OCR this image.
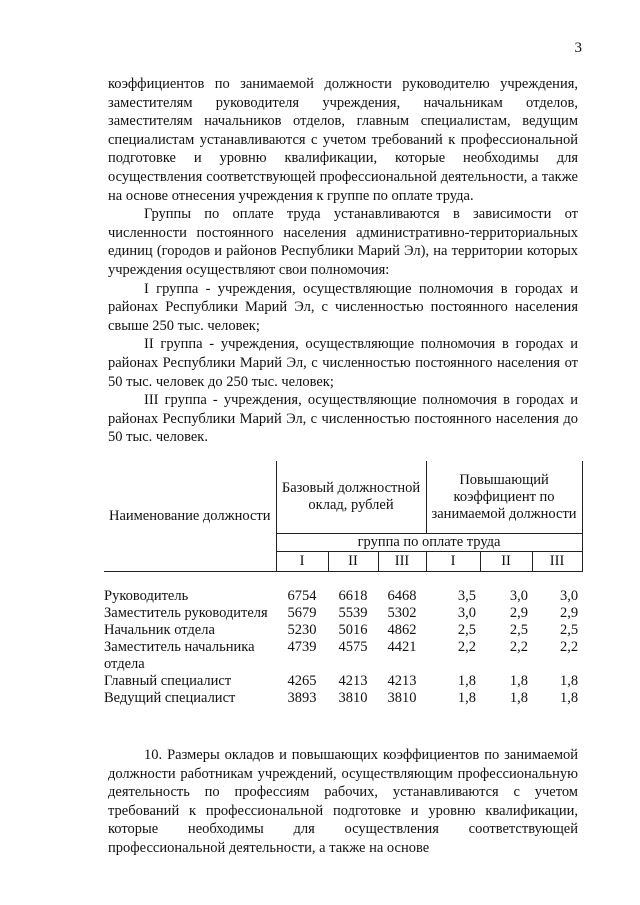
3

коэффициентов по занимаемой должности руководителю учреждения, заместителям руководителя учреждения, начальникам отделов, заместителям начальников отделов, главным специалистам, ведущим специалистам устанавливаются с учетом требований к профессиональной подготовке и уровню квалификации, которые необходимы для осуществления соответствующей профессиональной деятельности, а также на основе отнесения учреждения к группе по оплате труда.

Группы по оплате труда устанавливаются в зависимости от численности постоянного населения административно-территориальных единиц (городов и районов Республики Марий Эл), на территории которых учреждения осуществляют свои полномочия:

I группа - учреждения, осуществляющие полномочия в городах и районах Республики Марий Эл, с численностью постоянного населения свыше 250 тыс. человек;

II группа - учреждения, осуществляющие полномочия в городах и районах Республики Марий Эл, с численностью постоянного населения от 50 тыс. человек до 250 тыс. человек;

III группа - учреждения, осуществляющие полномочия в городах и районах Республики Марий Эл, с численностью постоянного населения до 50 тыс. человек.

Наименование должности	Базовый должностной оклад, рублей			Повышающий коэффициент по занимаемой должности		
	группа по оплате труда					
	I	II	III	I	II	III

Руководитель	6754	6618	6468	3,5	3,0	3,0
Заместитель руководителя	5679	5539	5302	3,0	2,9	2,9
Начальник отдела	5230	5016	4862	2,5	2,5	2,5
Заместитель начальника отдела	4739	4575	4421	2,2	2,2	2,2
Главный специалист	4265	4213	4213	1,8	1,8	1,8
Ведущий специалист	3893	3810	3810	1,8	1,8	1,8

10. Размеры окладов и повышающих коэффициентов по занимаемой должности работникам учреждений, осуществляющим профессиональную деятельность по профессиям рабочих, устанавливаются с учетом требований к профессиональной подготовке и уровню квалификации, которые необходимы для осуществления соответствующей профессиональной деятельности, а также на основе
